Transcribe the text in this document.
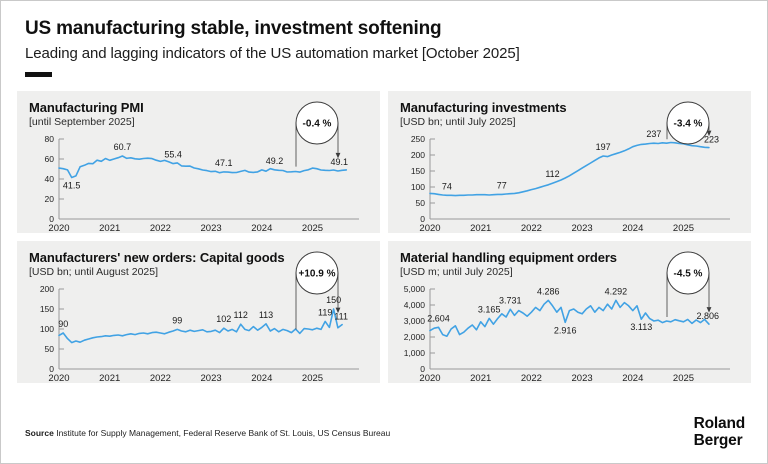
US manufacturing stable, investment softening
Leading and lagging indicators of the US automation market [October 2025]
Manufacturing PMI
[until September 2025]
80
60
40
20
0
2020	2021	2022	2023	2024	2025
41.5
60.7
55.4
47.1	49.2
-0.4 %
49.1
Manufacturing investments
[USD bn; until July 2025]
250
200
150
100
50
0
2020	2021	2022	2023	2024	2025
74	77
112
197
237
-3.4 %
223
Manufacturers' new orders: Capital goods
[USD bn; until August 2025]
200
150
100
50
0
2020	2021	2022	2023	2024	2025
90	99	102 112 113	119
150
+10.9 %
111
Material handling equipment orders
[USD m; until July 2025]
5,000
4,000
3,000
2,000
1,000
0
2020	2021	2022	2023	2024	2025
2.604
3.165
3.731
4.286
2.916
4.292
3.113
-4.5 %
2.806
Source Institute for Supply Management, Federal Reserve Bank of St. Louis, US Census Bureau
Roland
Berger
